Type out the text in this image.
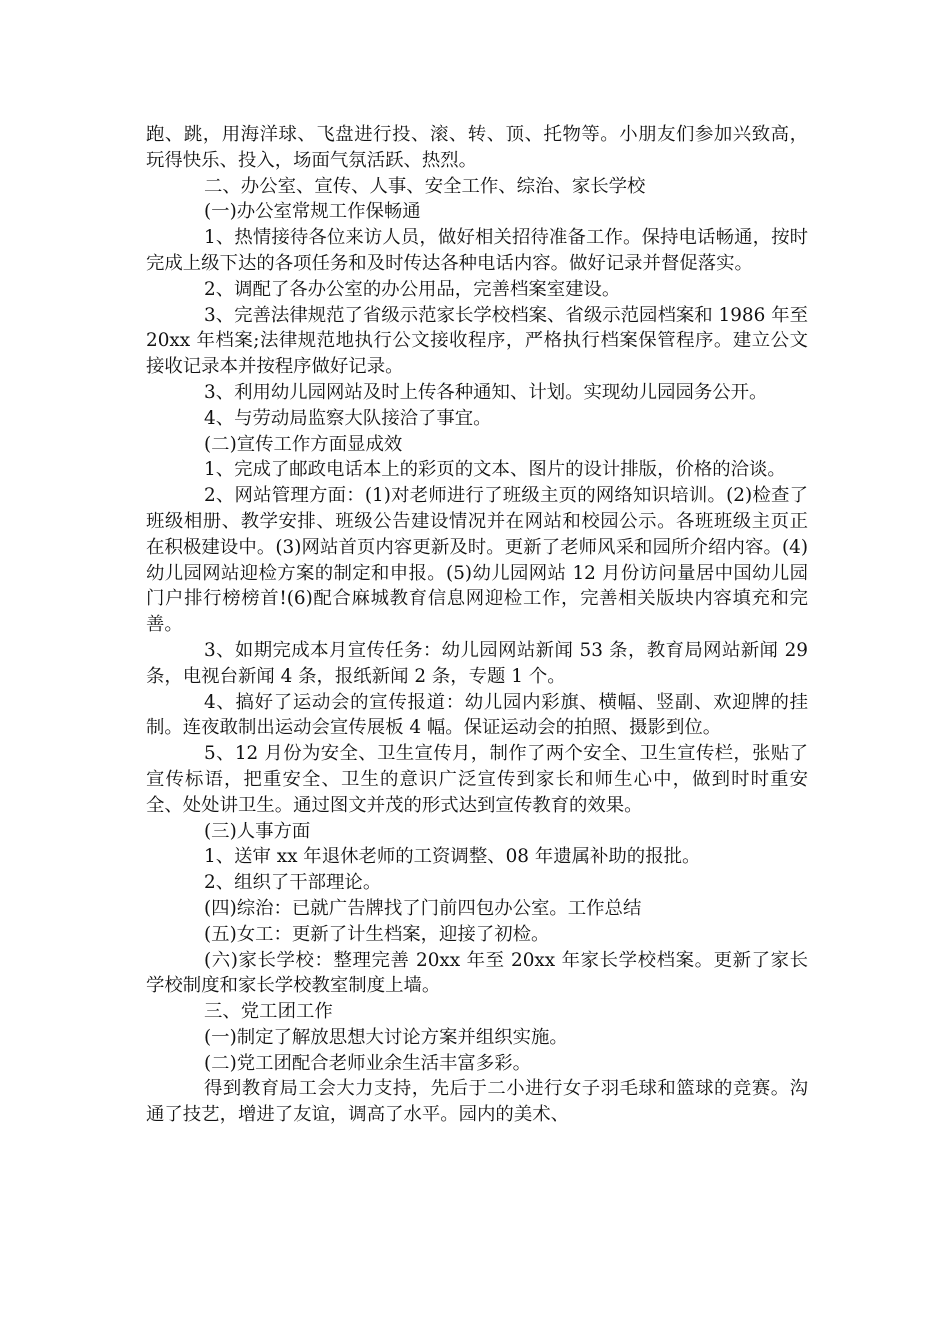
跑、跳，用海洋球、飞盘进行投、滚、转、顶、托物等。小朋友们参加兴致高，玩得快乐、投入，场面气氛活跃、热烈。

二、办公室、宣传、人事、安全工作、综治、家长学校

(一)办公室常规工作保畅通

1、热情接待各位来访人员，做好相关招待准备工作。保持电话畅通，按时完成上级下达的各项任务和及时传达各种电话内容。做好记录并督促落实。

2、调配了各办公室的办公用品，完善档案室建设。

3、完善法律规范了省级示范家长学校档案、省级示范园档案和 1986 年至 20xx 年档案;法律规范地执行公文接收程序，严格执行档案保管程序。建立公文接收记录本并按程序做好记录。

3、利用幼儿园网站及时上传各种通知、计划。实现幼儿园园务公开。

4、与劳动局监察大队接洽了事宜。

(二)宣传工作方面显成效

1、完成了邮政电话本上的彩页的文本、图片的设计排版，价格的洽谈。

2、网站管理方面：(1)对老师进行了班级主页的网络知识培训。(2)检查了班级相册、教学安排、班级公告建设情况并在网站和校园公示。各班班级主页正在积极建设中。(3)网站首页内容更新及时。更新了老师风采和园所介绍内容。(4)幼儿园网站迎检方案的制定和申报。(5)幼儿园网站 12 月份访问量居中国幼儿园门户排行榜榜首!(6)配合麻城教育信息网迎检工作，完善相关版块内容填充和完善。

3、如期完成本月宣传任务：幼儿园网站新闻 53 条，教育局网站新闻 29 条，电视台新闻 4 条，报纸新闻 2 条，专题 1 个。

4、搞好了运动会的宣传报道：幼儿园内彩旗、横幅、竖副、欢迎牌的挂制。连夜敢制出运动会宣传展板 4 幅。保证运动会的拍照、摄影到位。

5、12 月份为安全、卫生宣传月，制作了两个安全、卫生宣传栏，张贴了宣传标语，把重安全、卫生的意识广泛宣传到家长和师生心中，做到时时重安全、处处讲卫生。通过图文并茂的形式达到宣传教育的效果。

(三)人事方面

1、送审 xx 年退休老师的工资调整、08 年遗属补助的报批。

2、组织了干部理论。

(四)综治：已就广告牌找了门前四包办公室。工作总结

(五)女工：更新了计生档案，迎接了初检。

(六)家长学校：整理完善 20xx 年至 20xx 年家长学校档案。更新了家长学校制度和家长学校教室制度上墙。

三、党工团工作

(一)制定了解放思想大讨论方案并组织实施。

(二)党工团配合老师业余生活丰富多彩。

得到教育局工会大力支持，先后于二小进行女子羽毛球和篮球的竞赛。沟通了技艺，增进了友谊，调高了水平。园内的美术、
